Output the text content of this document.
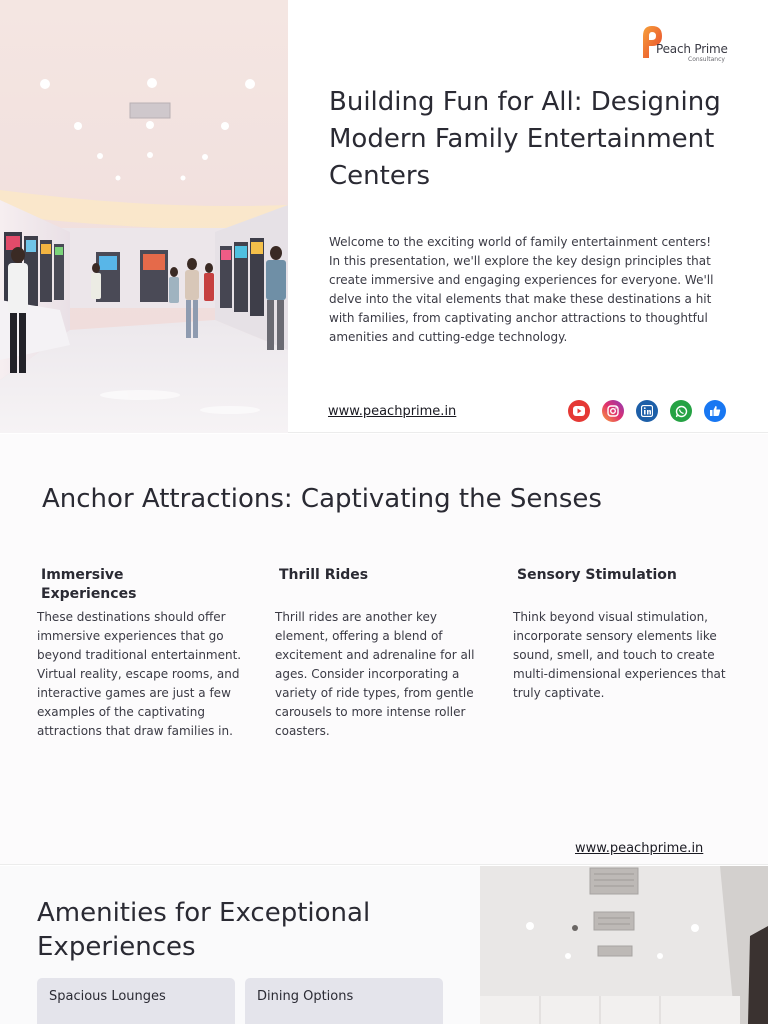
Peach Prime
Consultancy
Building Fun for All: Designing Modern Family Entertainment Centers

Welcome to the exciting world of family entertainment centers! In this presentation, we'll explore the key design principles that create immersive and engaging experiences for everyone. We'll delve into the vital elements that make these destinations a hit with families, from captivating anchor attractions to thoughtful amenities and cutting-edge technology.

www.peachprime.in
Anchor Attractions: Captivating the Senses
Immersive Experiences

These destinations should offer immersive experiences that go beyond traditional entertainment. Virtual reality, escape rooms, and interactive games are just a few examples of the captivating attractions that draw families in.

Thrill Rides

Thrill rides are another key element, offering a blend of excitement and adrenaline for all ages. Consider incorporating a variety of ride types, from gentle carousels to more intense roller coasters.

Sensory Stimulation

Think beyond visual stimulation, incorporate sensory elements like sound, smell, and touch to create multi-dimensional experiences that truly captivate.

www.peachprime.in
Amenities for Exceptional Experiences
Spacious Lounges	Dining Options
